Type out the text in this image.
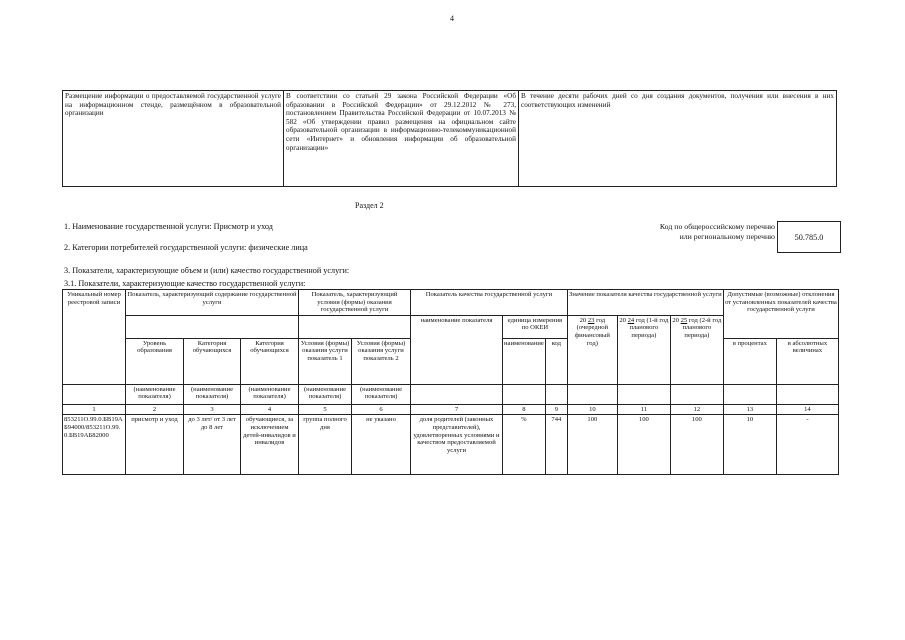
4
Размещение информации о предоставляемой государственной услуге на информационном стенде, размещённом в образовательной организации	В соответствии со статьей 29 закона Российской Федерации «Об образовании в Российской Федерации» от 29.12.2012 № 273, постановлением Правительства Российской Федерации от 10.07.2013 № 582 «Об утверждении правил размещения на официальном сайте образовательной организации в информационно-телекоммуникационной сети «Интернет» и обновления информации об образовательной организации»	В течение десяти рабочих дней со дня создания документов, получения или внесения в них соответствующих изменений
Раздел 2
1. Наименование государственной услуги: Присмотр и уход
2. Категории потребителей государственной услуги: физические лица
Код по общероссийскому перечню или региональному перечню 50.785.0
3. Показатели, характеризующие объем и (или) качество государственной услуги:
3.1. Показатели, характеризующие качество государственной услуги:
Уникальный номер реестровой записи	Показатель, характеризующий содержание государственной услуги			Показатель, характеризующий условия (формы) оказания государственной услуги		Показатель качества государственной услуги			Значение показателя качества государственной услуги			Допустимые (возможные) отклонения от установленных показателей качества государственной услуги	
						наименование показателя	единица измерения по ОКЕИ		20 23 год (очередной финансовый год)	20 24 год (1-й год планового периода)	20 25 год (2-й год планового периода)		
	Уровень образования	Категория обучающихся	Категория обучающихся	Условия (формы) оказания услуги показатель 1	Условия (формы) оказания услуги показатель 2		наименование	код				в процентах	в абсолютных величинах
	(наименование показателя)	(наименование показателя)	(наименование показателя)	(наименование показателя)	(наименование показателя)								
1	2	3	4	5	6	7	8	9	10	11	12	13	14
853211О.99.0.БВ19АБ94000/853211О.99.0.БВ19АБ82000	присмотр и уход	до 3 лет/ от 3 лет до 8 лет	обучающиеся, за исключением детей-инвалидов и инвалидов	группа полного дня	не указано	доля родителей (законных представителей), удовлетворенных условиями и качеством предоставляемой услуги	%	744	100	100	100	10	-
